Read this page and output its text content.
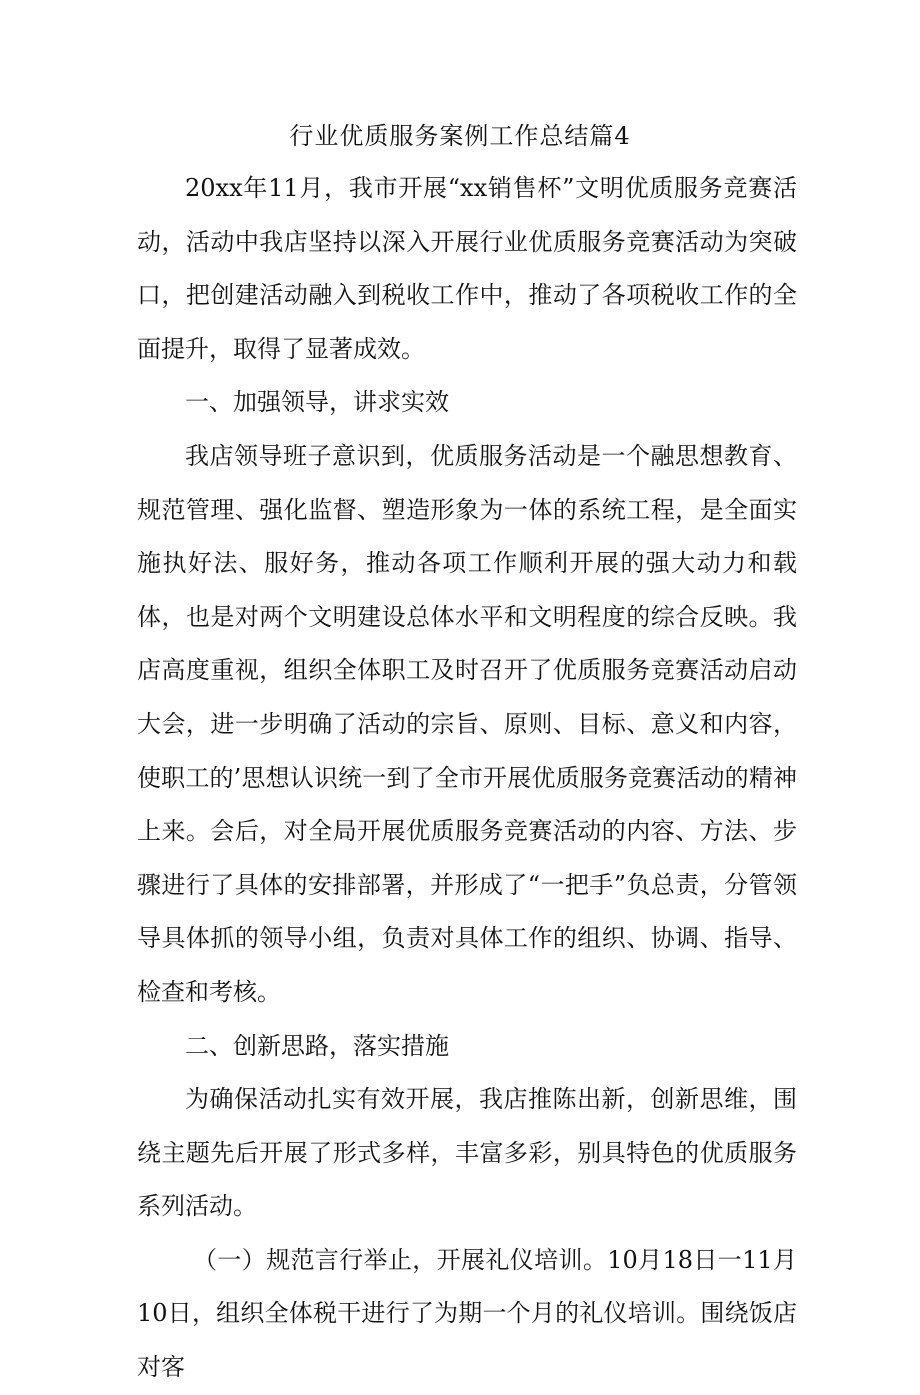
行业优质服务案例工作总结篇4

20xx年11月，我市开展“xx销售杯”文明优质服务竞赛活动，活动中我店坚持以深入开展行业优质服务竞赛活动为突破口，把创建活动融入到税收工作中，推动了各项税收工作的全面提升，取得了显著成效。

一、加强领导，讲求实效

我店领导班子意识到，优质服务活动是一个融思想教育、规范管理、强化监督、塑造形象为一体的系统工程，是全面实施执好法、服好务，推动各项工作顺利开展的强大动力和载体，也是对两个文明建设总体水平和文明程度的综合反映。我店高度重视，组织全体职工及时召开了优质服务竞赛活动启动大会，进一步明确了活动的宗旨、原则、目标、意义和内容，使职工的’思想认识统一到了全市开展优质服务竞赛活动的精神上来。会后，对全局开展优质服务竞赛活动的内容、方法、步骤进行了具体的安排部署，并形成了“一把手”负总责，分管领导具体抓的领导小组，负责对具体工作的组织、协调、指导、检查和考核。

二、创新思路，落实措施

为确保活动扎实有效开展，我店推陈出新，创新思维，围绕主题先后开展了形式多样，丰富多彩，别具特色的优质服务系列活动。

（一）规范言行举止，开展礼仪培训。10月18日一11月10日，组织全体税干进行了为期一个月的礼仪培训。围绕饭店对客
